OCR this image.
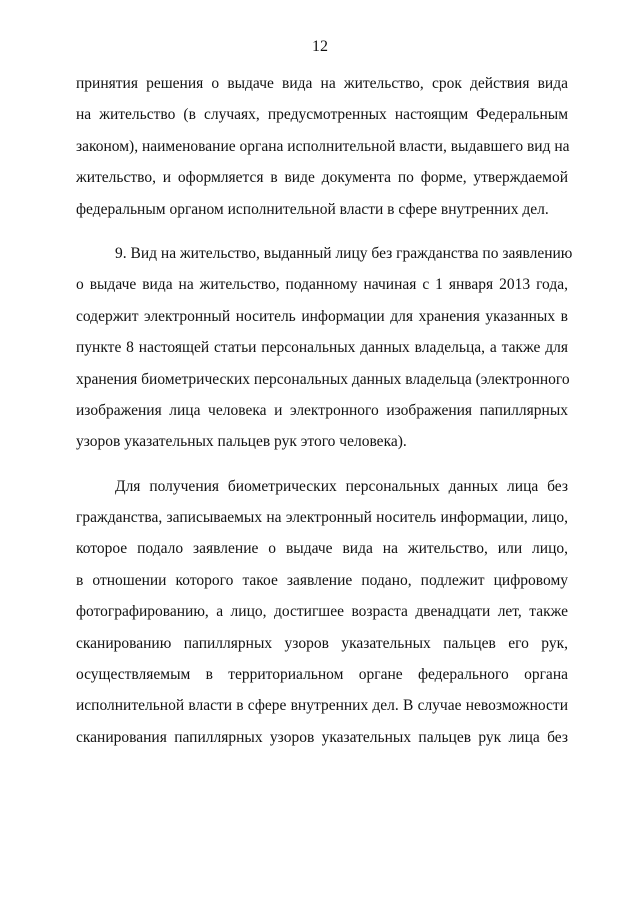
12
принятия решения о выдаче вида на жительство, срок действия вида
на жительство (в случаях, предусмотренных настоящим Федеральным
законом), наименование органа исполнительной власти, выдавшего вид на
жительство, и оформляется в виде документа по форме, утверждаемой
федеральным органом исполнительной власти в сфере внутренних дел.
9. Вид на жительство, выданный лицу без гражданства по заявлению
о выдаче вида на жительство, поданному начиная с 1 января 2013 года,
содержит электронный носитель информации для хранения указанных в
пункте 8 настоящей статьи персональных данных владельца, а также для
хранения биометрических персональных данных владельца (электронного
изображения лица человека и электронного изображения папиллярных
узоров указательных пальцев рук этого человека).
Для получения биометрических персональных данных лица без
гражданства, записываемых на электронный носитель информации, лицо,
которое подало заявление о выдаче вида на жительство, или лицо,
в отношении которого такое заявление подано, подлежит цифровому
фотографированию, а лицо, достигшее возраста двенадцати лет, также
сканированию папиллярных узоров указательных пальцев его рук,
осуществляемым в территориальном органе федерального органа
исполнительной власти в сфере внутренних дел. В случае невозможности
сканирования папиллярных узоров указательных пальцев рук лица без
